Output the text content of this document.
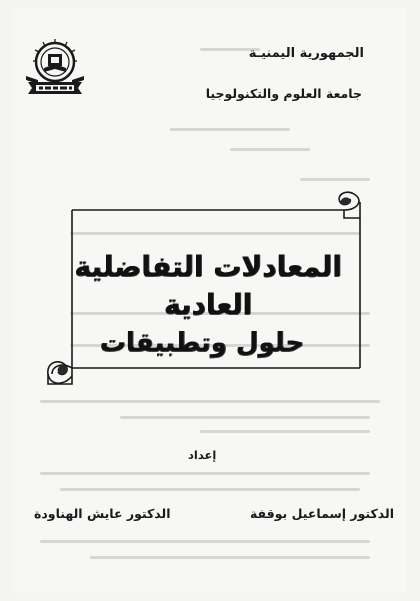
الجمهورية اليمنيـة
جامعة العلوم والتكنولوجيا
المعادلات التفاضلية العادية
حلول وتطبيقات
إعداد
الدكتور إسماعيل بوقفة
الدكتور عايش الهناودة
